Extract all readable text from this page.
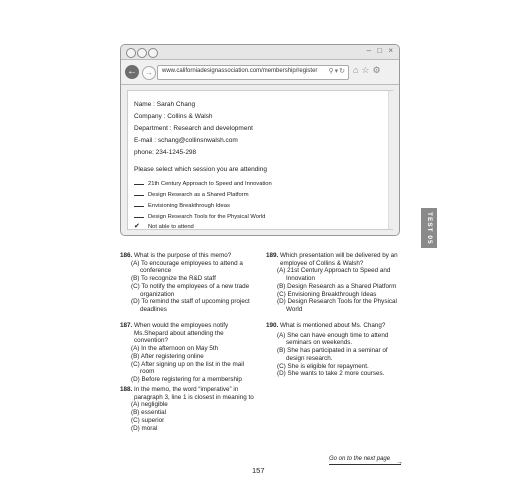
– □ ×
←	→	www.californiadesignassociation.com/membership/register ⚲▾↻ ⌂☆⚙
Name : Sarah Chang
Company : Collins & Walsh
Department : Research and development
E-mail : schang@collinsnwalsh.com
phone: 234-1245-298
Please select which session you are attending
21th Century Approach to Speed and Innovation
Design Research as a Shared Platform
Envisioning Breakthrough Ideas
Design Research Tools for the Physical World
✔ Not able to attend	TEST 05
186. What is the purpose of this memo?
(A) To encourage employees to attend a conference
(B) To recognize the R&D staff
(C) To notify the employees of a new trade organization
(D) To remind the staff of upcoming project deadlines
187. When would the employees notify Ms.Shepard about attending the convention?
(A) In the afternoon on May 5th
(B) After registering online
(C) After signing up on the list in the mail room
(D) Before registering for a membership
188. In the memo, the word “imperative” in paragraph 3, line 1 is closest in meaning to
(A) negligible
(B) essential
(C) superior
(D) moral
189. Which presentation will be delivered by an employee of Collins & Walsh?
(A) 21st Century Approach to Speed and Innovation
(B) Design Research as a Shared Platform
(C) Envisioning Breakthrough Ideas
(D) Design Research Tools for the Physical World
190. What is mentioned about Ms. Chang?
(A) She can have enough time to attend seminars on weekends.
(B) She has participated in a seminar of design research.
(C) She is eligible for repayment.
(D) She wants to take 2 more courses.
Go on to the next page →
157
